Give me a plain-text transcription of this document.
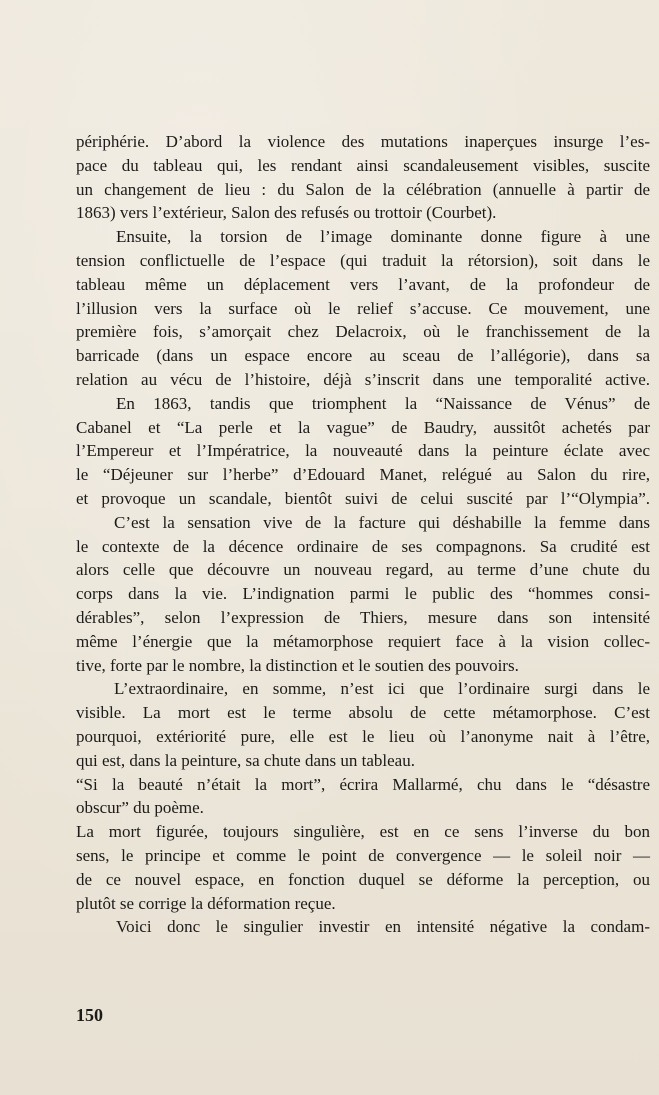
périphérie. D’abord la violence des mutations inaperçues insurge l’es-
pace du tableau qui, les rendant ainsi scandaleusement visibles, suscite
un changement de lieu : du Salon de la célébration (annuelle à partir de
1863) vers l’extérieur, Salon des refusés ou trottoir (Courbet).
Ensuite, la torsion de l’image dominante donne figure à une
tension conflictuelle de l’espace (qui traduit la rétorsion), soit dans le
tableau même un déplacement vers l’avant, de la profondeur de
l’illusion vers la surface où le relief s’accuse. Ce mouvement, une
première fois, s’amorçait chez Delacroix, où le franchissement de la
barricade (dans un espace encore au sceau de l’allégorie), dans sa
relation au vécu de l’histoire, déjà s’inscrit dans une temporalité active.
En 1863, tandis que triomphent la “Naissance de Vénus” de
Cabanel et “La perle et la vague” de Baudry, aussitôt achetés par
l’Empereur et l’Impératrice, la nouveauté dans la peinture éclate avec
le “Déjeuner sur l’herbe” d’Edouard Manet, relégué au Salon du rire,
et provoque un scandale, bientôt suivi de celui suscité par l’“Olympia”.
C’est la sensation vive de la facture qui déshabille la femme dans
le contexte de la décence ordinaire de ses compagnons. Sa crudité est
alors celle que découvre un nouveau regard, au terme d’une chute du
corps dans la vie. L’indignation parmi le public des “hommes consi-
dérables”, selon l’expression de Thiers, mesure dans son intensité
même l’énergie que la métamorphose requiert face à la vision collec-
tive, forte par le nombre, la distinction et le soutien des pouvoirs.
L’extraordinaire, en somme, n’est ici que l’ordinaire surgi dans le
visible. La mort est le terme absolu de cette métamorphose. C’est
pourquoi, extériorité pure, elle est le lieu où l’anonyme nait à l’être,
qui est, dans la peinture, sa chute dans un tableau.
“Si la beauté n’était la mort”, écrira Mallarmé, chu dans le “désastre
obscur” du poème.
La mort figurée, toujours singulière, est en ce sens l’inverse du bon
sens, le principe et comme le point de convergence — le soleil noir —
de ce nouvel espace, en fonction duquel se déforme la perception, ou
plutôt se corrige la déformation reçue.
Voici donc le singulier investir en intensité négative la condam-
150
